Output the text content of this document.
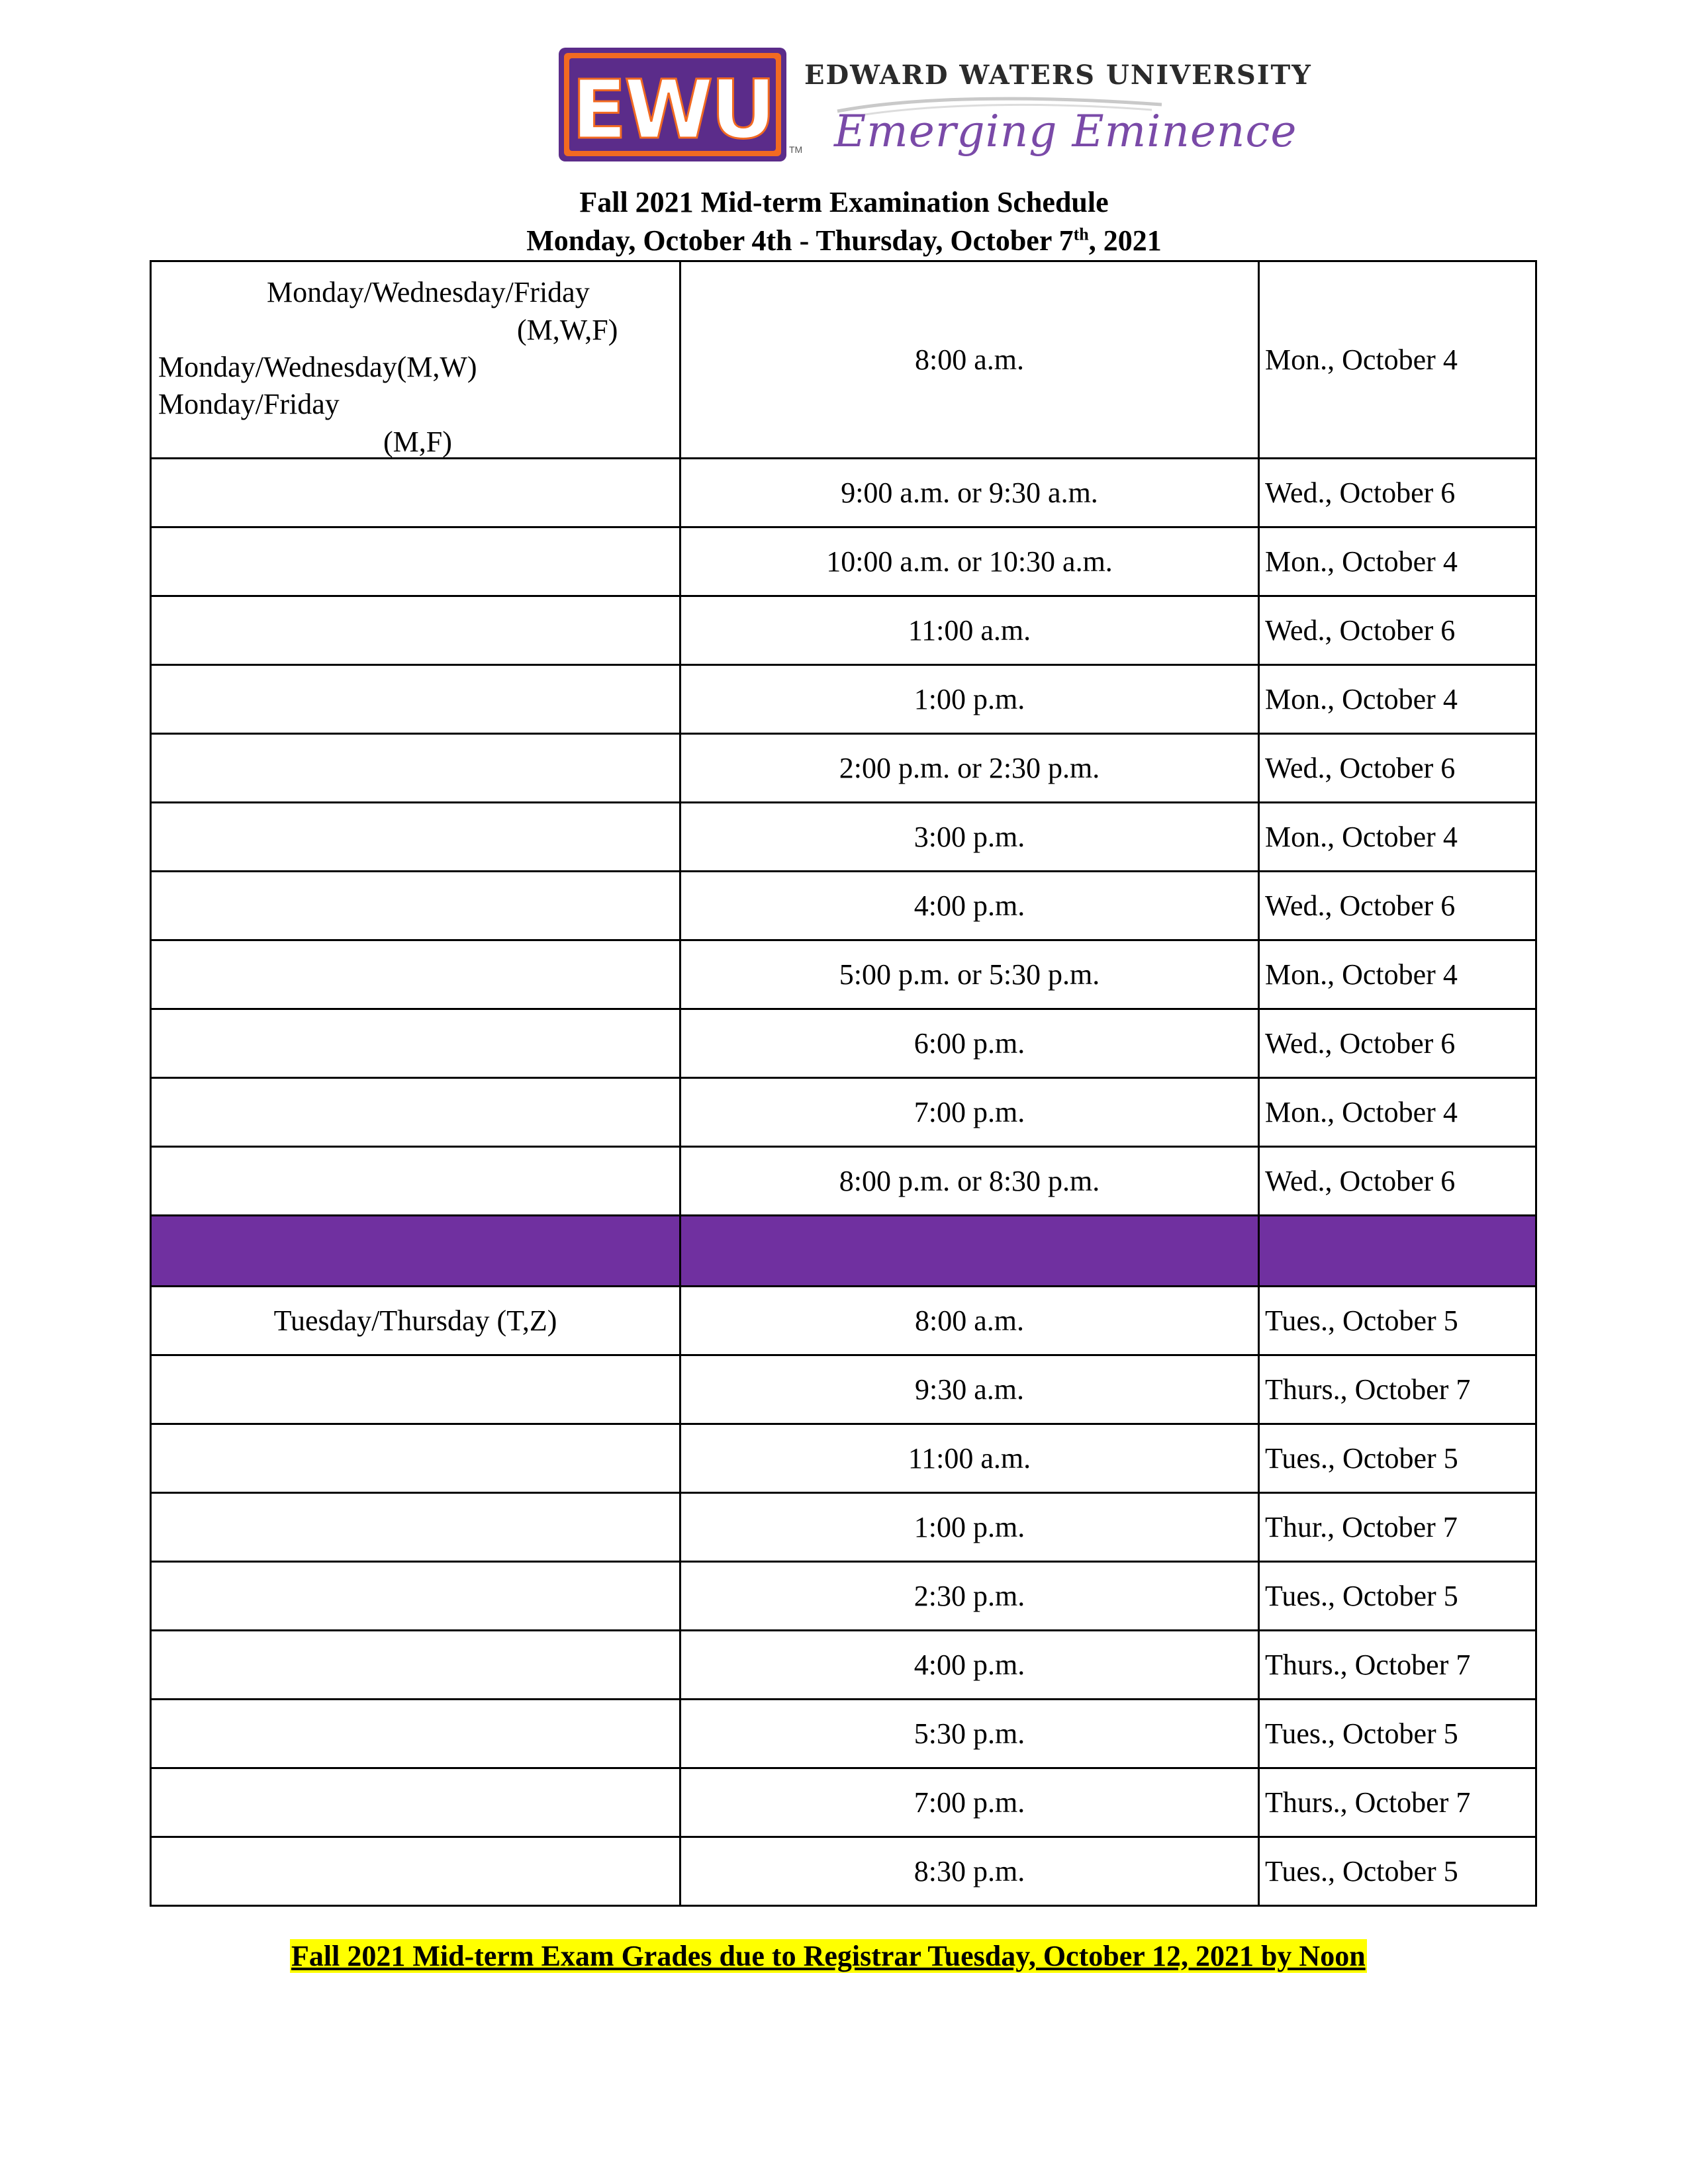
EWU TM
EDWARD WATERS UNIVERSITY
Emerging Eminence
Fall 2021 Mid-term Examination Schedule
Monday, October 4th - Thursday, October 7th, 2021
Monday/Wednesday/Friday
(M,W,F)
Monday/Wednesday(M,W)
Monday/Friday
(M,F)	8:00 a.m.	Mon., October 4
	9:00 a.m. or 9:30 a.m.	Wed., October 6
	10:00 a.m. or 10:30 a.m.	Mon., October 4
	11:00 a.m.	Wed., October 6
	1:00 p.m.	Mon., October 4
	2:00 p.m. or 2:30 p.m.	Wed., October 6
	3:00 p.m.	Mon., October 4
	4:00 p.m.	Wed., October 6
	5:00 p.m. or 5:30 p.m.	Mon., October 4
	6:00 p.m.	Wed., October 6
	7:00 p.m.	Mon., October 4
	8:00 p.m. or 8:30 p.m.	Wed., October 6

Tuesday/Thursday (T,Z)	8:00 a.m.	Tues., October 5
	9:30 a.m.	Thurs., October 7
	11:00 a.m.	Tues., October 5
	1:00 p.m.	Thur., October 7
	2:30 p.m.	Tues., October 5
	4:00 p.m.	Thurs., October 7
	5:30 p.m.	Tues., October 5
	7:00 p.m.	Thurs., October 7
	8:30 p.m.	Tues., October 5
Fall 2021 Mid-term Exam Grades due to Registrar Tuesday, October 12, 2021 by Noon
